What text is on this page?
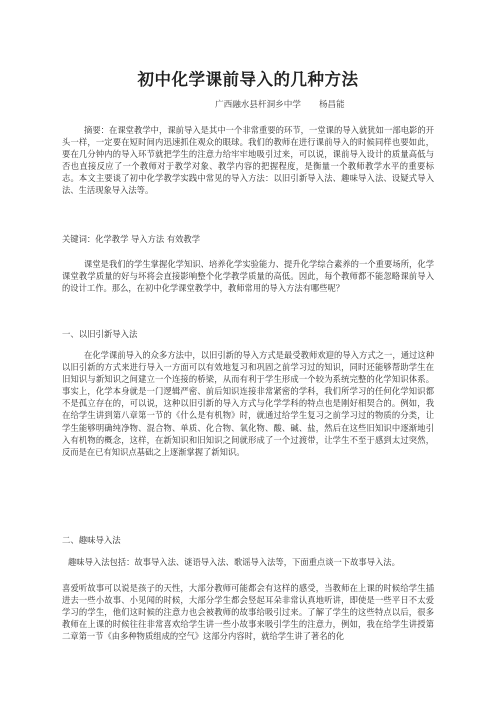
初中化学课前导入的几种方法
广西融水县杆洞乡中学 杨昌能

摘要：在课堂教学中，课前导入是其中一个非常重要的环节，一堂课的导入就犹如一部电影的开头一样，一定要在短时间内迅速抓住观众的眼球。我们的教师在进行课前导入的时候同样也要如此，要在几分钟内的导入环节就把学生的注意力给牢牢地吸引过来，可以说，课前导入设计的质量高低与否也直接反应了一个教师对于教学对象、教学内容的把握程度，是衡量一个教师教学水平的重要标志。本文主要谈了初中化学教学实践中常见的导入方法：以旧引新导入法、趣味导入法、设疑式导入法、生活现象导入法等。

关键词：化学教学 导入方法 有效教学

课堂是我们的学生掌握化学知识、培养化学实验能力、提升化学综合素养的一个重要场所，化学课堂教学质量的好与坏将会直接影响整个化学教学质量的高低。因此，每个教师都不能忽略课前导入的设计工作。那么，在初中化学课堂教学中，教师常用的导入方法有哪些呢？

一、以旧引新导入法

在化学课前导入的众多方法中，以旧引新的导入方式是最受教师欢迎的导入方式之一，通过这种以旧引新的方式来进行导入一方面可以有效地复习和巩固之前学习过的知识，同时还能够帮助学生在旧知识与新知识之间建立一个连接的桥梁，从而有利于学生形成一个较为系统完整的化学知识体系。事实上，化学本身就是一门逻辑严密、前后知识连接非常紧密的学科，我们所学习的任何化学知识都不是孤立存在的，可以说，这种以旧引新的导入方式与化学学科的特点也是刚好相契合的。例如，我在给学生讲到第八章第一节的《什么是有机物》时，就通过给学生复习之前学习过的物质的分类，让学生能够明确纯净物、混合物、单质、化合物、氧化物、酸、碱、盐，然后在这些旧知识中逐渐地引入有机物的概念，这样，在新知识和旧知识之间就形成了一个过渡带，让学生不至于感到太过突然，反而是在已有知识点基础之上逐渐掌握了新知识。

二、趣味导入法

趣味导入法包括：故事导入法、谜语导入法、歌谣导入法等，下面重点谈一下故事导入法。

喜爱听故事可以说是孩子的天性，大部分教师可能都会有这样的感受，当教师在上课的时候给学生插进去一些小故事、小见闻的时候，大部分学生都会竖起耳朵非常认真地听讲，即使是一些平日不太爱学习的学生，他们这时候的注意力也会被教师的故事给吸引过来。了解了学生的这些特点以后，很多教师在上课的时候往往非常喜欢给学生讲一些小故事来吸引学生的注意力，例如，我在给学生讲授第二章第一节《由多种物质组成的空气》这部分内容时，就给学生讲了著名的化
